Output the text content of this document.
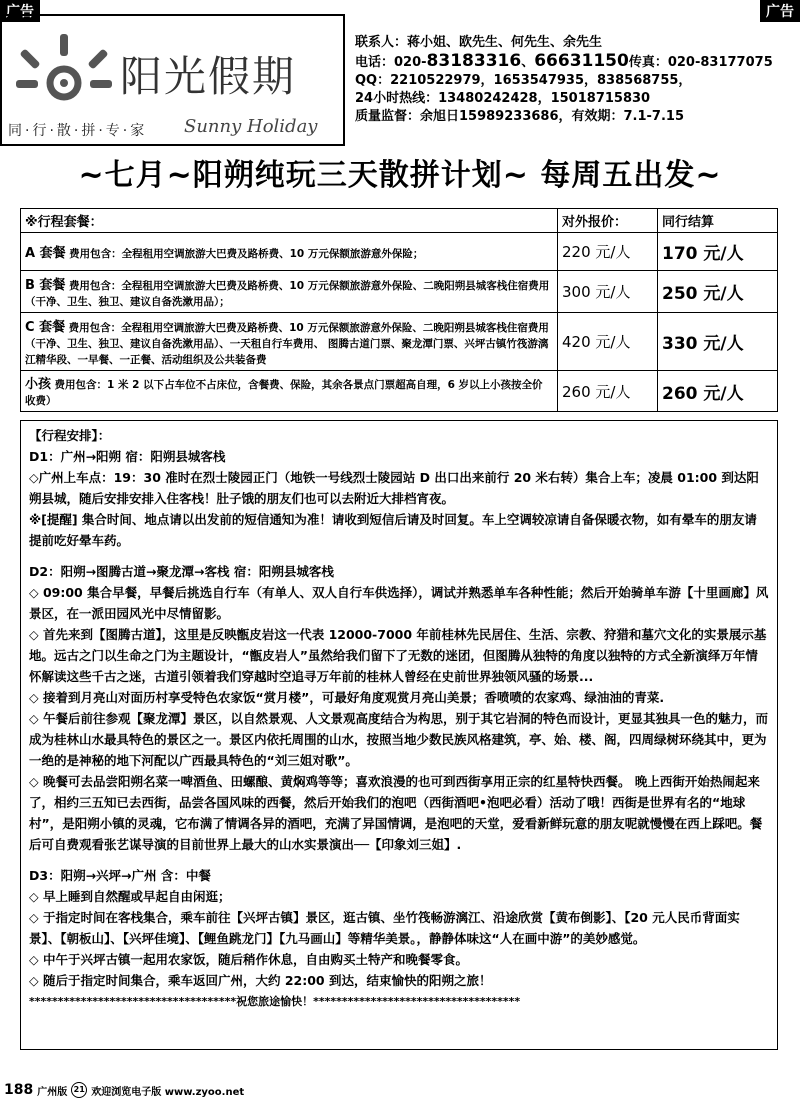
广告	广告
阳光假期
同·行·散·拼·专·家 Sunny Holiday
联系人：蒋小姐、欧先生、何先生、余先生
电话：020-83183316、66631150传真：020-83177075
QQ：2210522979，1653547935，838568755，
24小时热线：13480242428，15018715830
质量监督：余旭日15989233686，有效期：7.1-7.15
~七月~阳朔纯玩三天散拼计划~ 每周五出发~
※行程套餐：	对外报价：	同行结算
A 套餐 费用包含：全程租用空调旅游大巴费及路桥费、10 万元保额旅游意外保险；	220 元/人	170 元/人
B 套餐 费用包含：全程租用空调旅游大巴费及路桥费、10 万元保额旅游意外保险、二晚阳朔县城客栈住宿费用（干净、卫生、独卫、建议自备洗漱用品）；	300 元/人	250 元/人
C 套餐 费用包含：全程租用空调旅游大巴费及路桥费、10 万元保额旅游意外保险、二晚阳朔县城客栈住宿费用（干净、卫生、独卫、建议自备洗漱用品）、一天租自行车费用、 图腾古道门票、聚龙潭门票、兴坪古镇竹筏游漓江精华段、一早餐、一正餐、活动组织及公共装备费	420 元/人	330 元/人
小孩 费用包含：1 米 2 以下占车位不占床位，含餐费、保险，其余各景点门票超高自理，6 岁以上小孩按全价收费）	260 元/人	260 元/人

【行程安排】：

D1：广州→阳朔 宿：阳朔县城客栈

◇广州上车点：19：30 准时在烈士陵园正门（地铁一号线烈士陵园站 D 出口出来前行 20 米右转）集合上车；凌晨 01:00 到达阳朔县城，随后安排安排入住客栈！肚子饿的朋友们也可以去附近大排档宵夜。

※[提醒] 集合时间、地点请以出发前的短信通知为准！请收到短信后请及时回复。车上空调较凉请自备保暖衣物，如有晕车的朋友请提前吃好晕车药。

D2：阳朔→图腾古道→聚龙潭→客栈 宿：阳朔县城客栈

◇ 09:00 集合早餐，早餐后挑选自行车（有单人、双人自行车供选择），调试并熟悉单车各种性能；然后开始骑单车游【十里画廊】风景区，在一派田园风光中尽情留影。

◇ 首先来到【图腾古道】，这里是反映甑皮岩这一代表 12000-7000 年前桂林先民居住、生活、宗教、狩猎和墓穴文化的实景展示基地。远古之门以生命之门为主题设计，“甑皮岩人”虽然给我们留下了无数的迷团，但图腾从独特的角度以独特的方式全新演绎万年情怀解读这些千古之迷，古道引领着我们穿越时空追寻万年前的桂林人曾经在史前世界独领风骚的场景...

◇ 接着到月亮山对面历村享受特色农家饭“赏月楼”，可最好角度观赏月亮山美景；香喷喷的农家鸡、绿油油的青菜.

◇ 午餐后前往参观【聚龙潭】景区，以自然景观、人文景观高度结合为构思，别于其它岩洞的特色而设计，更显其独具一色的魅力，而成为桂林山水最具特色的景区之一。景区内依托周围的山水，按照当地少数民族风格建筑，亭、始、楼、阁，四周绿树环绕其中，更为一绝的是神秘的地下河配以广西最具特色的“刘三姐对歌”。

◇ 晚餐可去品尝阳朔名菜一啤酒鱼、田螺酿、黄焖鸡等等；喜欢浪漫的也可到西街享用正宗的红星特快西餐。 晚上西街开始热闹起来了，相约三五知已去西街，品尝各国风味的西餐，然后开始我们的泡吧（西街酒吧•泡吧必看）活动了哦！西街是世界有名的“地球村”，是阳朔小镇的灵魂，它布满了情调各异的酒吧，充满了异国情调，是泡吧的天堂，爱看新鲜玩意的朋友呢就慢慢在西上踩吧。餐后可自费观看张艺谋导演的目前世界上最大的山水实景演出──【印象刘三姐】.

D3：阳朔→兴坪→广州 含：中餐

◇ 早上睡到自然醒或早起自由闲逛；

◇ 于指定时间在客栈集合，乘车前往【兴坪古镇】景区，逛古镇、坐竹筏畅游漓江、沿途欣赏【黄布倒影】、【20 元人民币背面实景】、【朝板山】、【兴坪佳境】、【鲤鱼跳龙门】【九马画山】等精华美景。，静静体味这“人在画中游”的美妙感觉。

◇ 中午于兴坪古镇一起用农家饭，随后稍作休息，自由购买土特产和晚餐零食。

◇ 随后于指定时间集合，乘车返回广州，大约 22:00 到达，结束愉快的阳朔之旅！

************************************祝您旅途愉快！************************************

188 广州版 21 欢迎浏览电子版 www.zyoo.net
